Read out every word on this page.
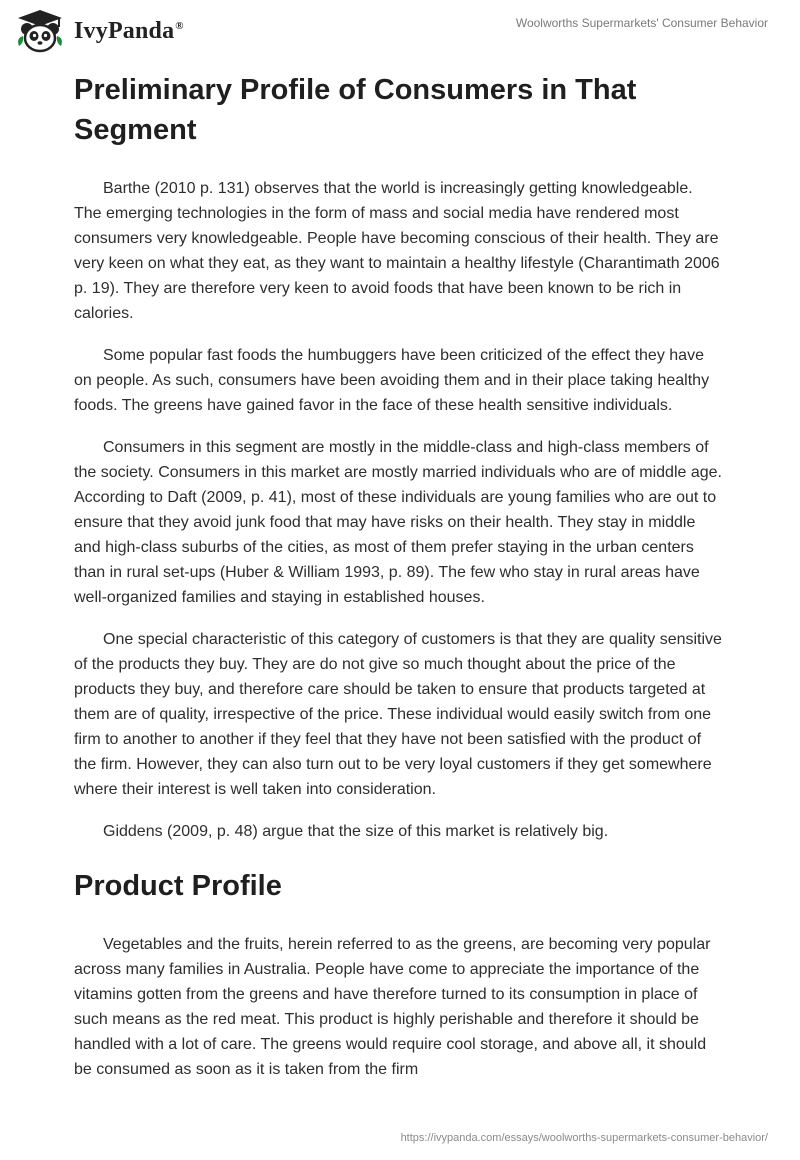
IvyPanda®	Woolworths Supermarkets' Consumer Behavior
Preliminary Profile of Consumers in That Segment

Barthe (2010 p. 131) observes that the world is increasingly getting knowledgeable. The emerging technologies in the form of mass and social media have rendered most consumers very knowledgeable. People have becoming conscious of their health. They are very keen on what they eat, as they want to maintain a healthy lifestyle (Charantimath 2006 p. 19). They are therefore very keen to avoid foods that have been known to be rich in calories.

Some popular fast foods the humbuggers have been criticized of the effect they have on people. As such, consumers have been avoiding them and in their place taking healthy foods. The greens have gained favor in the face of these health sensitive individuals.

Consumers in this segment are mostly in the middle-class and high-class members of the society. Consumers in this market are mostly married individuals who are of middle age. According to Daft (2009, p. 41), most of these individuals are young families who are out to ensure that they avoid junk food that may have risks on their health. They stay in middle and high-class suburbs of the cities, as most of them prefer staying in the urban centers than in rural set-ups (Huber & William 1993, p. 89). The few who stay in rural areas have well-organized families and staying in established houses.

One special characteristic of this category of customers is that they are quality sensitive of the products they buy. They are do not give so much thought about the price of the products they buy, and therefore care should be taken to ensure that products targeted at them are of quality, irrespective of the price. These individual would easily switch from one firm to another to another if they feel that they have not been satisfied with the product of the firm. However, they can also turn out to be very loyal customers if they get somewhere where their interest is well taken into consideration.

Giddens (2009, p. 48) argue that the size of this market is relatively big.

Product Profile

Vegetables and the fruits, herein referred to as the greens, are becoming very popular across many families in Australia. People have come to appreciate the importance of the vitamins gotten from the greens and have therefore turned to its consumption in place of such means as the red meat. This product is highly perishable and therefore it should be handled with a lot of care. The greens would require cool storage, and above all, it should be consumed as soon as it is taken from the firm

https://ivypanda.com/essays/woolworths-supermarkets-consumer-behavior/
